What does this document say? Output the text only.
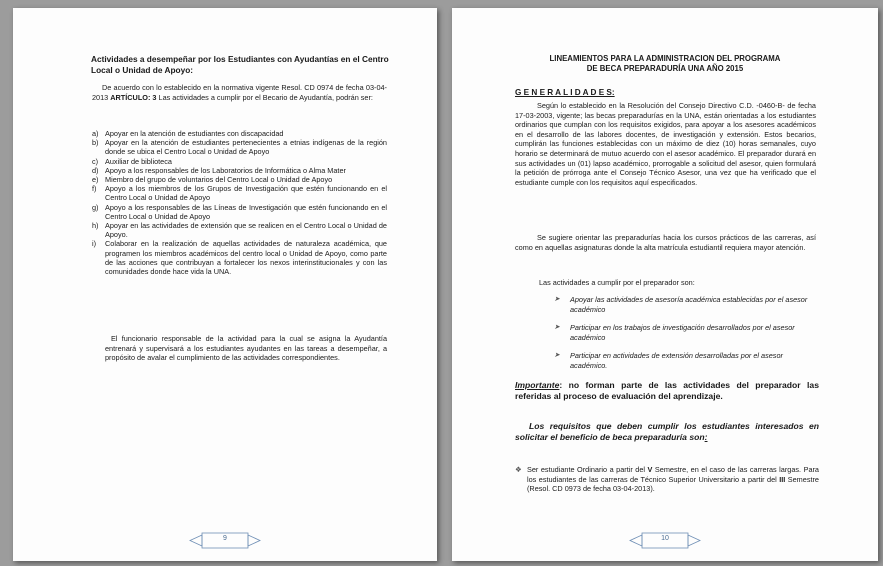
Actividades a desempeñar por los Estudiantes con Ayudantías en el Centro Local o Unidad de Apoyo:

De acuerdo con lo establecido en la normativa vigente Resol. CD 0974 de fecha 03-04-2013 ARTÍCULO: 3 Las actividades a cumplir por el Becario de Ayudantía, podrán ser:

a) Apoyar en la atención de estudiantes con discapacidad
b) Apoyar en la atención de estudiantes pertenecientes a etnias indígenas de la región donde se ubica el Centro Local o Unidad de Apoyo
c) Auxiliar de biblioteca
d) Apoyo a los responsables de los Laboratorios de Informática o Alma Mater
e) Miembro del grupo de voluntarios del Centro Local o Unidad de Apoyo
f) Apoyo a los miembros de los Grupos de Investigación que estén funcionando en el Centro Local o Unidad de Apoyo
g) Apoyo a los responsables de las Líneas de Investigación que estén funcionando en el Centro Local o Unidad de Apoyo
h) Apoyar en las actividades de extensión que se realicen en el Centro Local o Unidad de Apoyo.
i) Colaborar en la realización de aquellas actividades de naturaleza académica, que programen los miembros académicos del centro local o Unidad de Apoyo, como parte de las acciones que contribuyan a fortalecer los nexos interinstitucionales y con las comunidades donde hace vida la UNA.

El funcionario responsable de la actividad para la cual se asigna la Ayudantía entrenará y supervisará a los estudiantes ayudantes en las tareas a desempeñar, a propósito de avalar el cumplimiento de las actividades correspondientes.

9

LINEAMIENTOS PARA LA ADMINISTRACION DEL PROGRAMA

DE BECA PREPARADURÍA UNA AÑO 2015

G E N E R A L I D A D E S:

Según lo establecido en la Resolución del Consejo Directivo C.D. -0460-B- de fecha 17-03-2003, vigente; las becas preparadurías en la UNA, están orientadas a los estudiantes ordinarios que cumplan con los requisitos exigidos, para apoyar a los asesores académicos en el desarrollo de las labores docentes, de investigación y extensión. Estos becarios, cumplirán las funciones establecidas con un máximo de diez (10) horas semanales, cuyo horario se determinará de mutuo acuerdo con el asesor académico. El preparador durará en sus actividades un (01) lapso académico, prorrogable a solicitud del asesor, quien formulará la petición de prórroga ante el Consejo Técnico Asesor, una vez que ha verificado que el estudiante cumple con los requisitos aquí especificados.

Se sugiere orientar las preparadurías hacia los cursos prácticos de las carreras, así como en aquellas asignaturas donde la alta matrícula estudiantil requiera mayor atención.

Las actividades a cumplir por el preparador son:

➤ Apoyar las actividades de asesoría académica establecidas por el asesor académico
➤ Participar en los trabajos de investigación desarrollados por el asesor académico
➤ Participar en actividades de extensión desarrolladas por el asesor académico.

Importante: no forman parte de las actividades del preparador las referidas al proceso de evaluación del aprendizaje.

Los requisitos que deben cumplir los estudiantes interesados en solicitar el beneficio de beca preparaduría son:

❖ Ser estudiante Ordinario a partir del V Semestre, en el caso de las carreras largas. Para los estudiantes de las carreras de Técnico Superior Universitario a partir del III Semestre (Resol. CD 0973 de fecha 03-04-2013).
10
